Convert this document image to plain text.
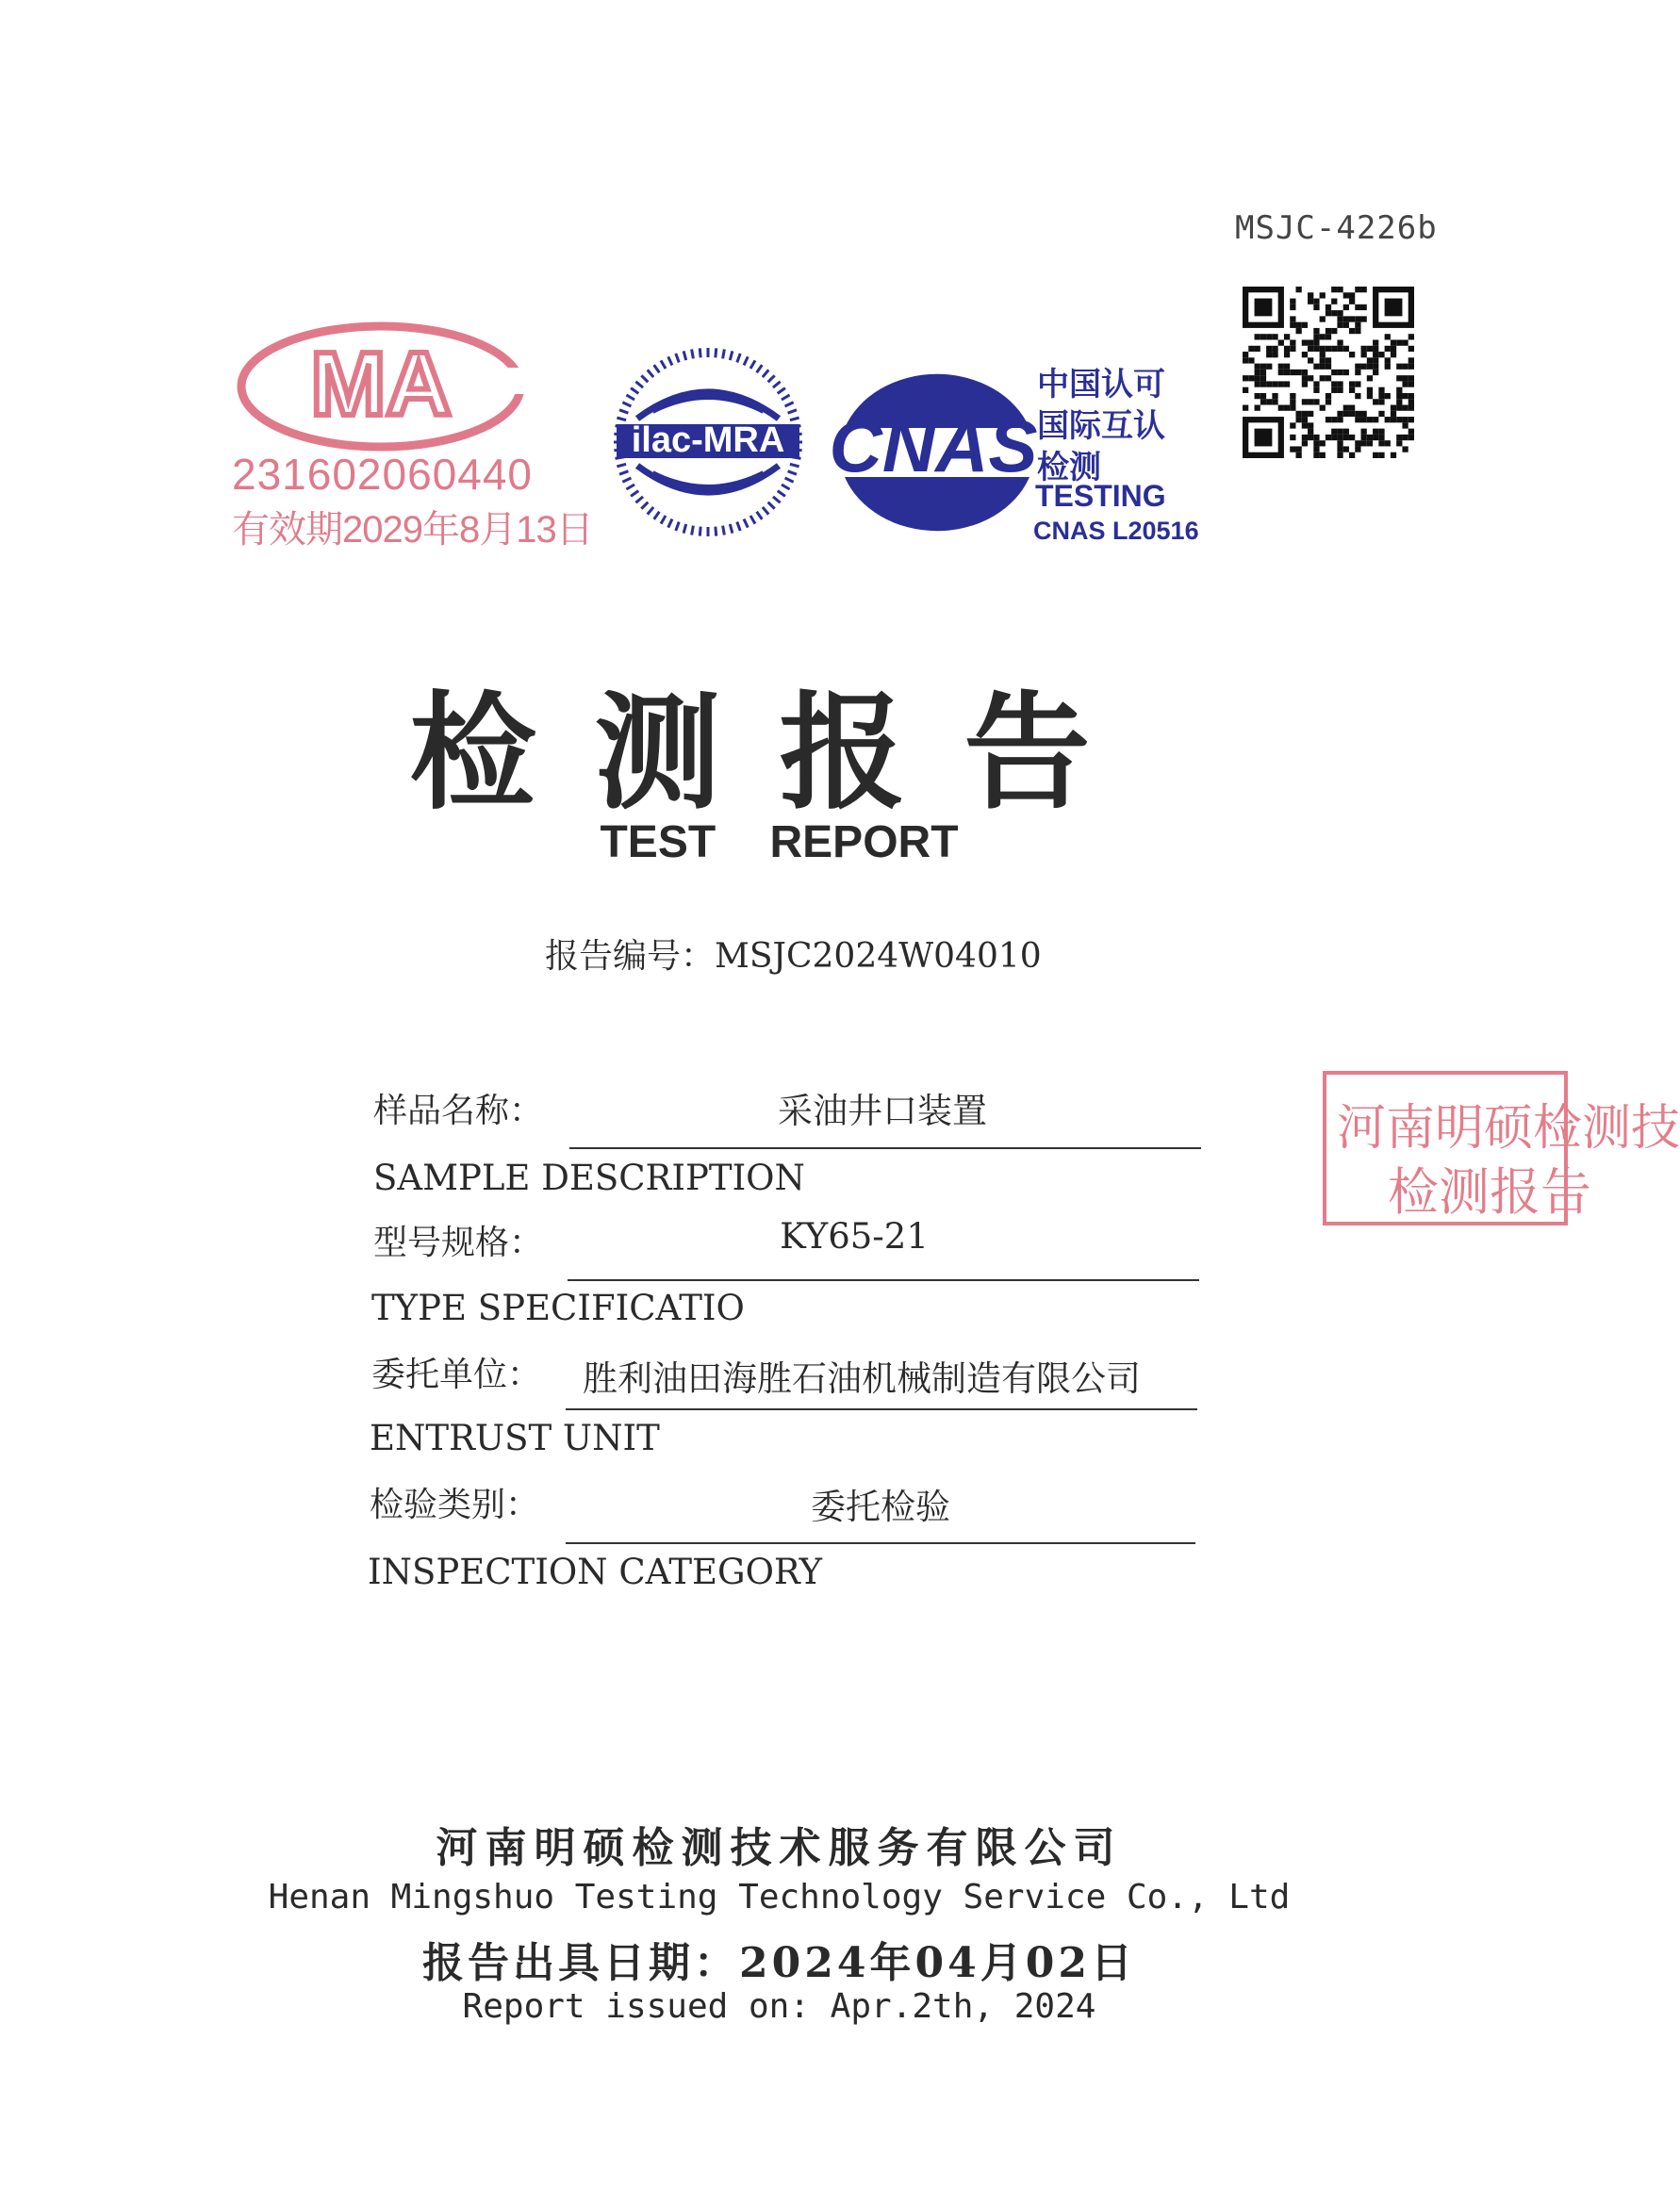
MSJC-4226b
MA
231602060440
有效期2029年8月13日
ilac-MRA CNAS
中国认可
国际互认
检测
TESTING
CNAS L20516
检测报告
TEST REPORT
报告编号：MSJC2024W04010
样品名称：	采油井口装置
SAMPLE DESCRIPTION
型号规格：	KY65-21
TYPE SPECIFICATIO
委托单位：	胜利油田海胜石油机械制造有限公司
ENTRUST UNIT
检验类别：	委托检验
INSPECTION CATEGORY
河南明硕检测技
检测报告
河南明硕检测技术服务有限公司
Henan Mingshuo Testing Technology Service Co., Ltd
报告出具日期：2024年04月02日
Report issued on: Apr.2th, 2024
